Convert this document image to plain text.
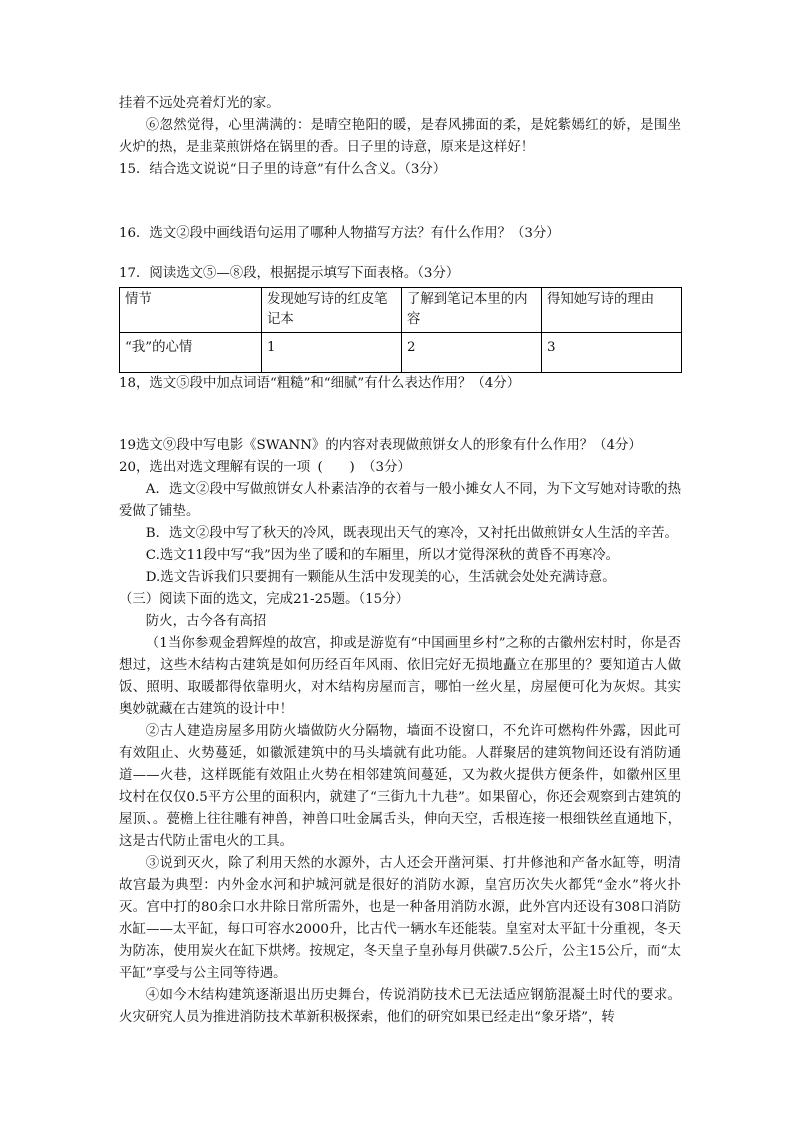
挂着不远处亮着灯光的家。

⑥忽然觉得，心里满满的：是晴空艳阳的暖，是春风拂面的柔，是姹紫嫣红的娇，是围坐火炉的热，是韭菜煎饼烙在锅里的香。日子里的诗意，原来是这样好！

15．结合选文说说“日子里的诗意”有什么含义。（3分）

16．选文②段中画线语句运用了哪种人物描写方法？有什么作用？（3分）

17．阅读选文⑤—⑧段，根据提示填写下面表格。（3分）

情节	发现她写诗的红皮笔记本	了解到笔记本里的内容	得知她写诗的理由
“我”的心情	1	2	3

18，选文⑤段中加点词语“粗糙”和“细腻”有什么表达作用？（4分）

19选文⑨段中写电影《SWANN》的内容对表现做煎饼女人的形象有什么作用？（4分）

20，选出对选文理解有误的一项 (　　) （3分）

A．选文②段中写做煎饼女人朴素洁净的衣着与一般小摊女人不同，为下文写她对诗歌的热爱做了铺垫。

B．选文②段中写了秋天的冷风，既表现出天气的寒冷，又衬托出做煎饼女人生活的辛苦。

C.选文11段中写“我”因为坐了暖和的车厢里，所以才觉得深秋的黄昏不再寒冷。

D.选文告诉我们只要拥有一颗能从生活中发现美的心，生活就会处处充满诗意。

（三）阅读下面的选文，完成21-25题。（15分）

防火，古今各有高招

（1当你参观金碧辉煌的故宫，抑或是游览有“中国画里乡村”之称的古徽州宏村时，你是否想过，这些木结构古建筑是如何历经百年风雨、依旧完好无损地矗立在那里的？要知道古人做饭、照明、取暖都得依靠明火，对木结构房屋而言，哪怕一丝火星，房屋便可化为灰烬。其实奥妙就藏在古建筑的设计中！

②古人建造房屋多用防火墙做防火分隔物，墙面不设窗口，不允许可燃构件外露，因此可有效阻止、火势蔓延，如徽派建筑中的马头墙就有此功能。人群聚居的建筑物间还设有消防通道——火巷，这样既能有效阻止火势在相邻建筑间蔓延，又为救火提供方便条件，如徽州区里坟村在仅仅0.5平方公里的面积内，就建了“三街九十九巷”。如果留心，你还会观察到古建筑的屋顶、。甍檐上往往雕有神兽，神兽口吐金属舌头，伸向天空，舌根连接一根细铁丝直通地下，这是古代防止雷电火的工具。

③说到灭火，除了利用天然的水源外，古人还会开凿河渠、打井修池和产备水缸等，明清故宫最为典型：内外金水河和护城河就是很好的消防水源，皇宫历次失火都凭“金水”将火扑灭。宫中打的80余口水井除日常所需外，也是一种备用消防水源，此外宫内还设有308口消防水缸——太平缸，每口可容水2000升，比古代一辆水车还能装。皇室对太平缸十分重视，冬天为防冻，使用炭火在缸下烘烤。按规定，冬天皇子皇孙每月供碳7.5公斤，公主15公斤，而“太平缸”享受与公主同等待遇。

④如今木结构建筑逐渐退出历史舞台，传说消防技术已无法适应钢筋混凝土时代的要求。火灾研究人员为推进消防技术革新积极探索，他们的研究如果已经走出“象牙塔”，转
